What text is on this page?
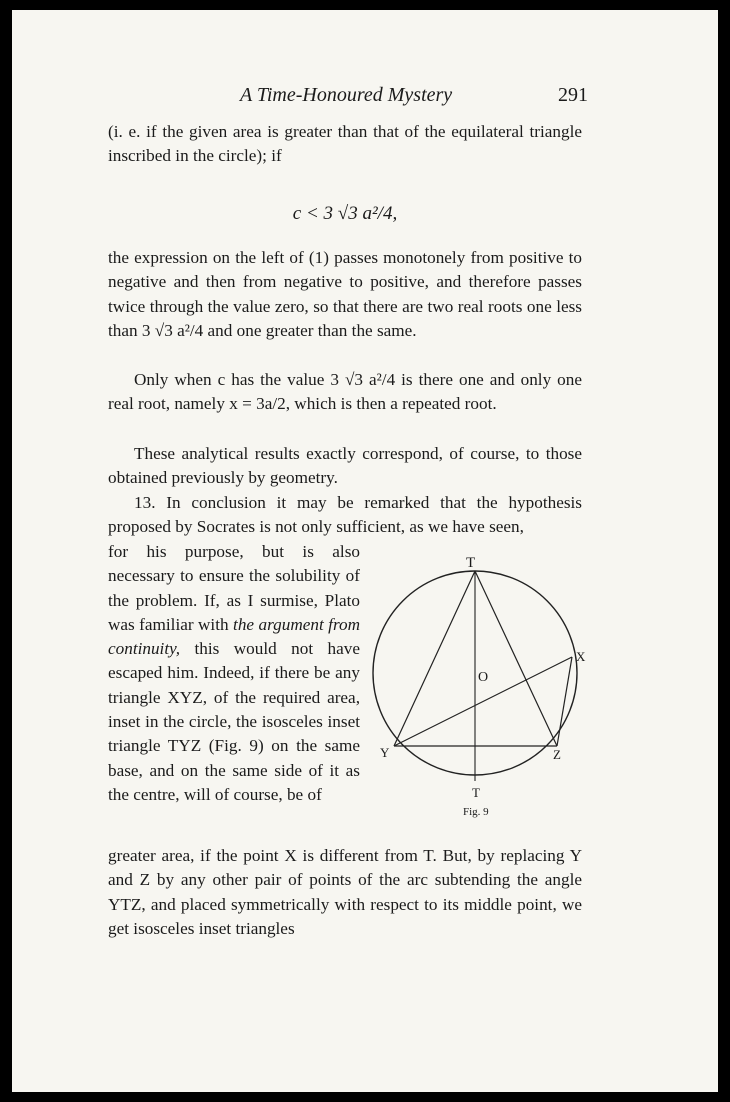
A Time-Honoured Mystery	291
(i. e. if the given area is greater than that of the equilateral triangle inscribed in the circle); if
c < 3 √3 a²/4,
the expression on the left of (1) passes monotonely from positive to negative and then from negative to positive, and therefore passes twice through the value zero, so that there are two real roots one less than 3 √3 a²/4 and one greater than the same.
Only when c has the value 3 √3 a²/4 is there one and only one real root, namely x = 3a/2, which is then a repeated root.
These analytical results exactly correspond, of course, to those obtained previously by geometry.
13. In conclusion it may be remarked that the hypothesis proposed by Socrates is not only sufficient, as we have seen,
for his purpose, but is also necessary to ensure the solubility of the problem. If, as I surmise, Plato was familiar with the argument from continuity, this would not have escaped him. Indeed, if there be any triangle XYZ, of the required area, inset in the circle, the isosceles inset triangle TYZ (Fig. 9) on the same base, and on the same side of it as the centre, will of course, be of
greater area, if the point X is different from T. But, by replacing Y and Z by any other pair of points of the arc subtending the angle YTZ, and placed symmetrically with respect to its middle point, we get isosceles inset triangles
T
X
O
Y	Z
T
Fig. 9
